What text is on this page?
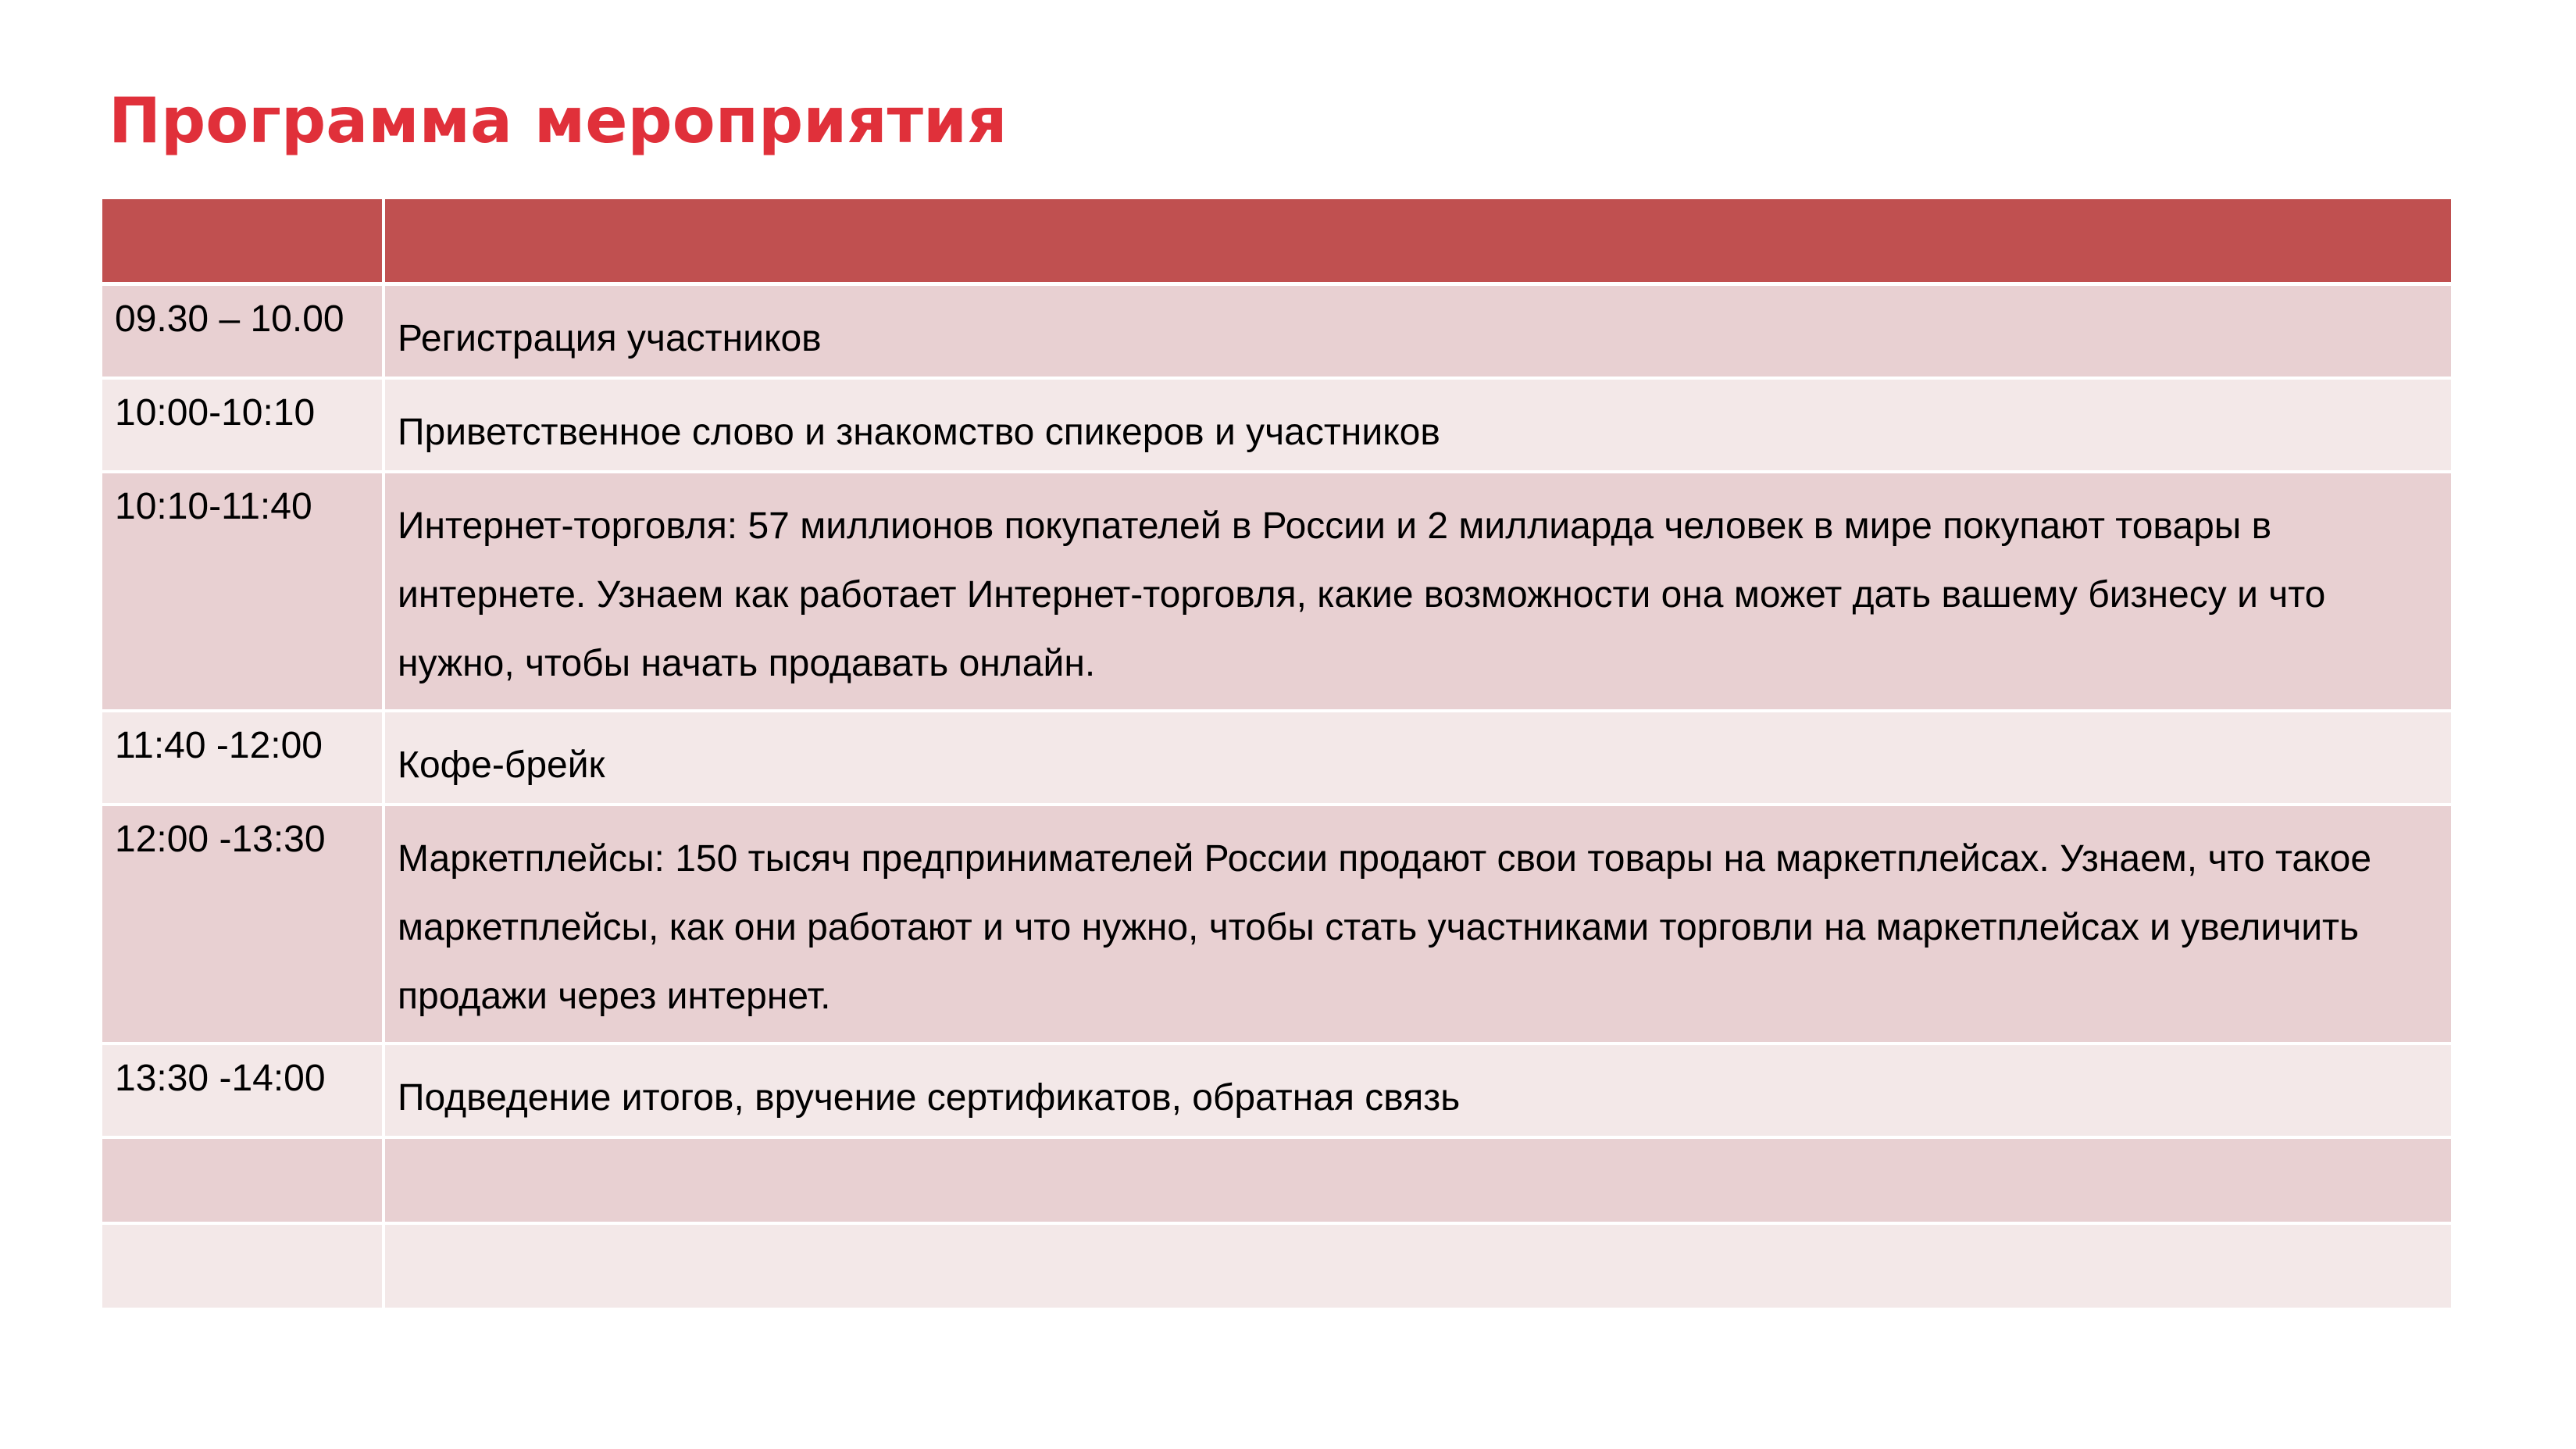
Программа мероприятия

09.30 – 10.00	Регистрация участников

10:00-10:10	Приветственное слово и знакомство спикеров и участников

10:10-11:40	Интернет-торговля: 57 миллионов покупателей в России и 2 миллиарда человек в мире покупают товары в интернете. Узнаем как работает Интернет-торговля, какие возможности она может дать вашему бизнесу и что нужно, чтобы начать продавать онлайн.

11:40 -12:00	Кофе-брейк

12:00 -13:30	Маркетплейсы: 150 тысяч предпринимателей России продают свои товары на маркетплейсах. Узнаем, что такое маркетплейсы, как они работают и что нужно, чтобы стать участниками торговли на маркетплейсах и увеличить продажи через интернет.

13:30 -14:00	Подведение итогов, вручение сертификатов, обратная связь
